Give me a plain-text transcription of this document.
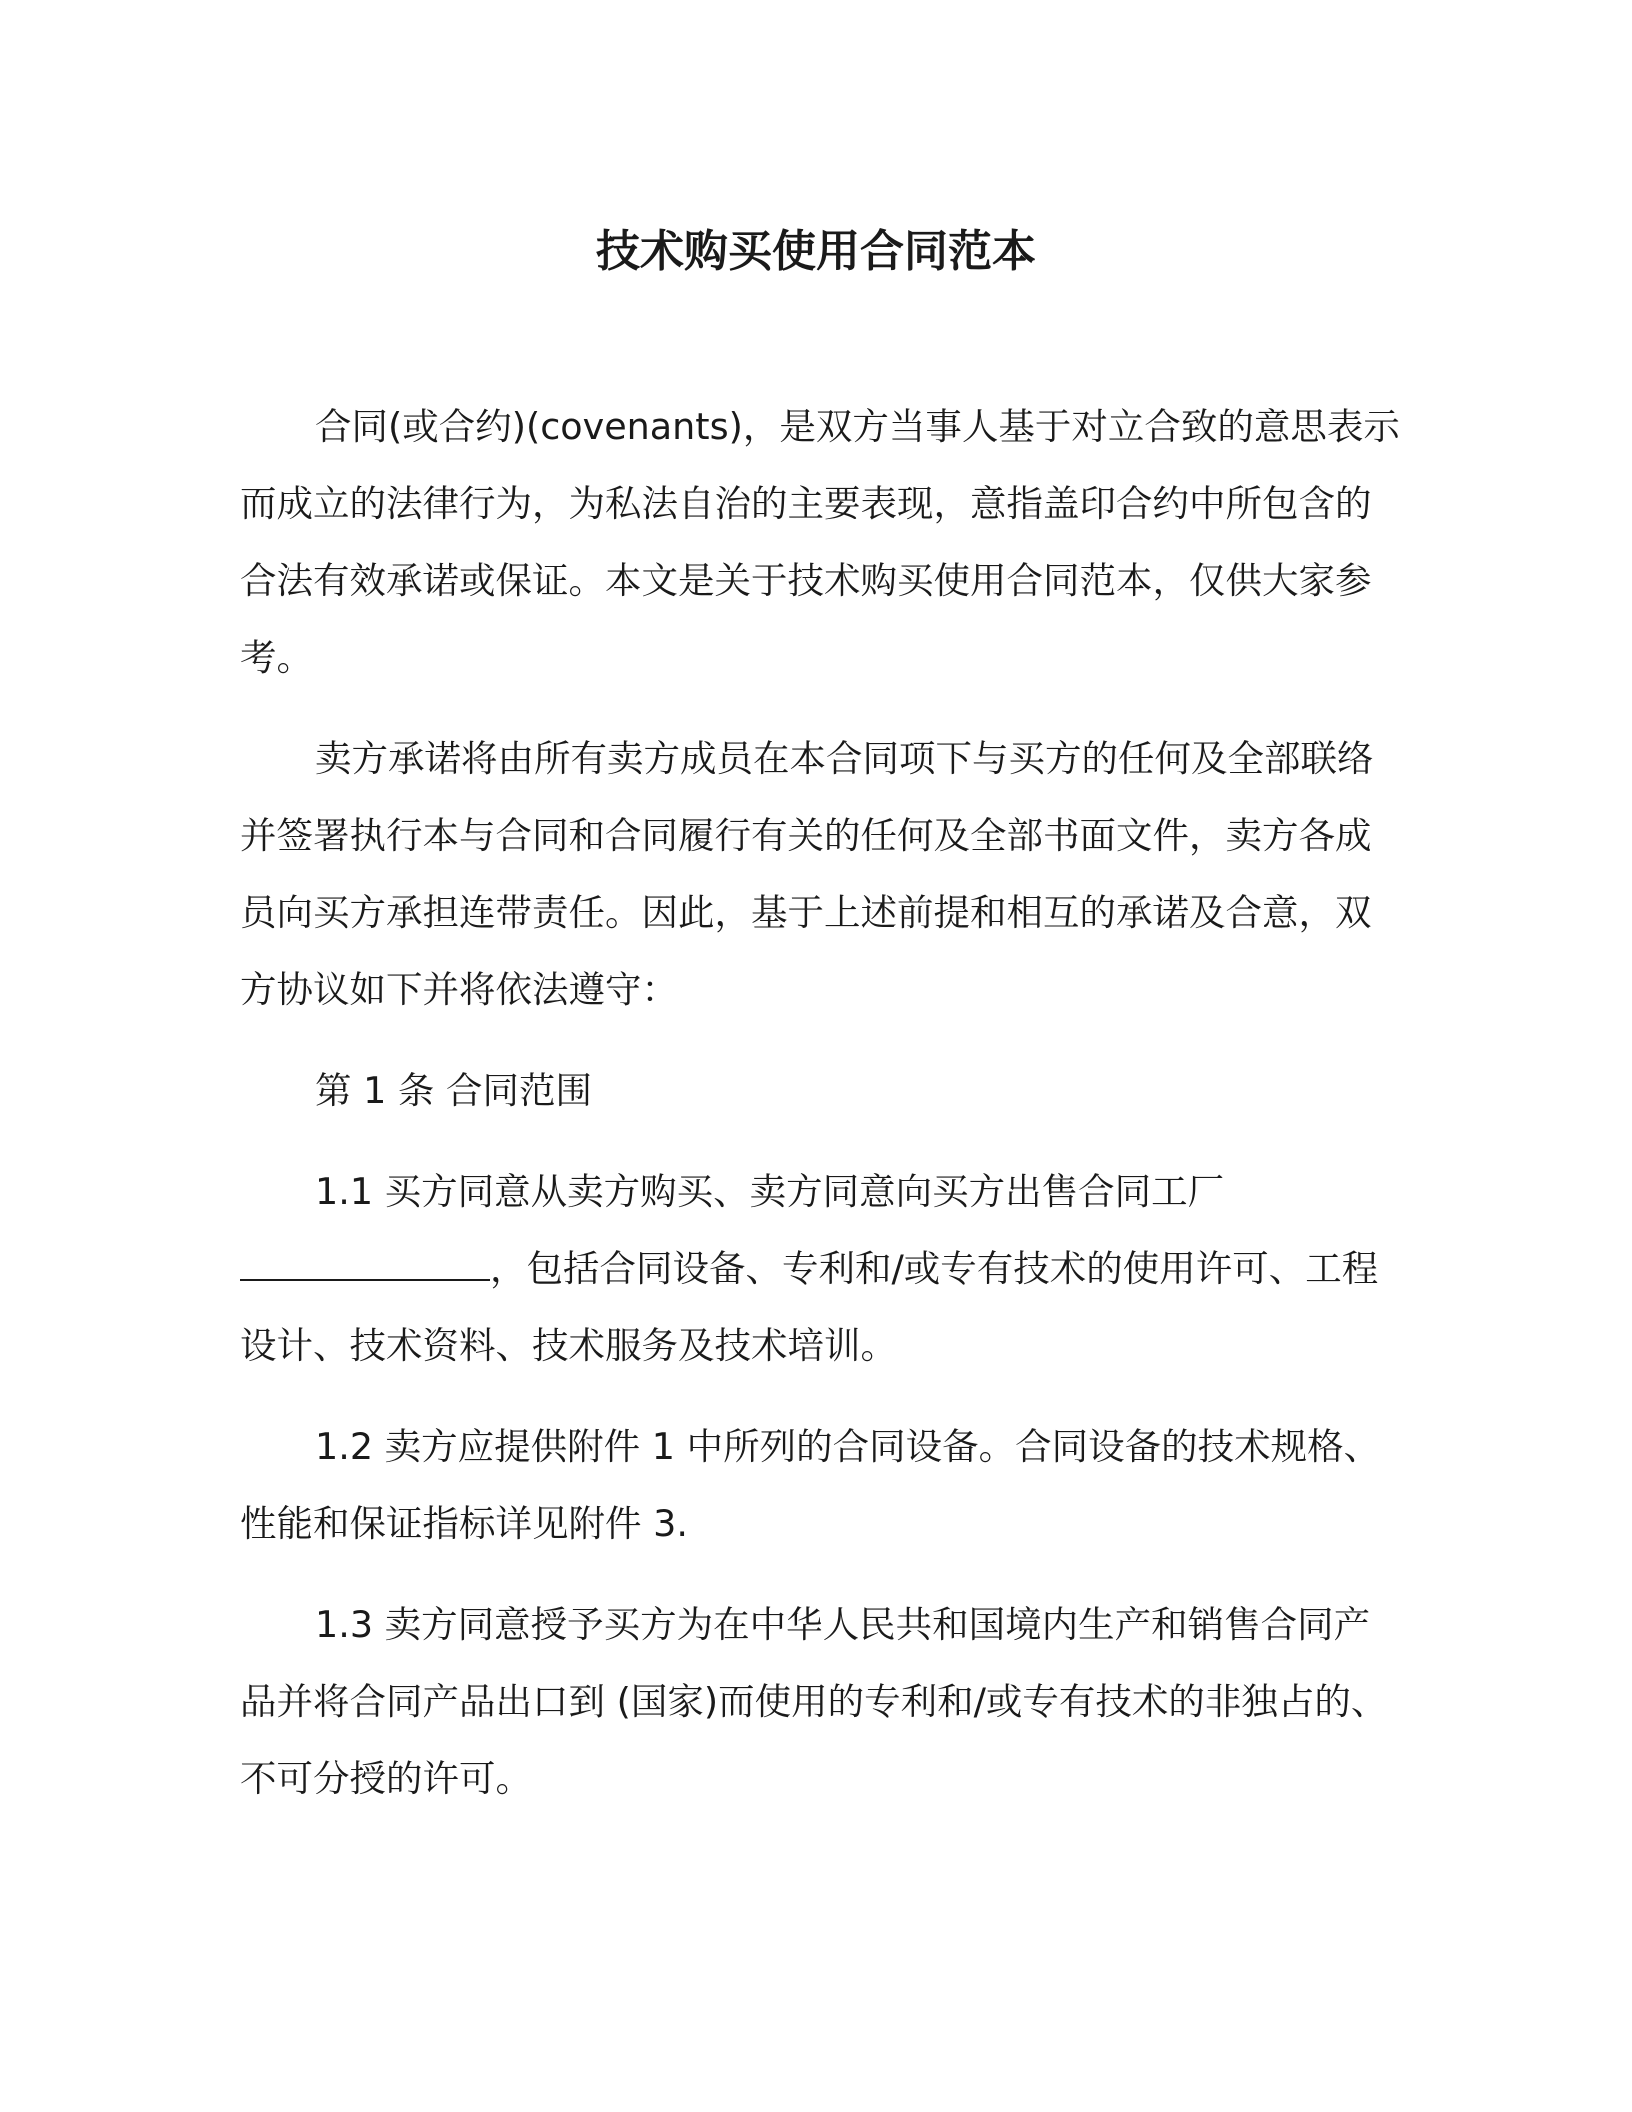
技术购买使用合同范本

合同(或合约)(covenants)，是双方当事人基于对立合致的意思表示而成立的法律行为，为私法自治的主要表现，意指盖印合约中所包含的合法有效承诺或保证。本文是关于技术购买使用合同范本，仅供大家参考。

卖方承诺将由所有卖方成员在本合同项下与买方的任何及全部联络并签署执行本与合同和合同履行有关的任何及全部书面文件，卖方各成员向买方承担连带责任。因此，基于上述前提和相互的承诺及合意，双方协议如下并将依法遵守：

第 1 条 合同范围

1.1 买方同意从卖方购买、卖方同意向买方出售合同工厂，包括合同设备、专利和/或专有技术的使用许可、工程设计、技术资料、技术服务及技术培训。

1.2 卖方应提供附件 1 中所列的合同设备。合同设备的技术规格、性能和保证指标详见附件 3.

1.3 卖方同意授予买方为在中华人民共和国境内生产和销售合同产品并将合同产品出口到 (国家)而使用的专利和/或专有技术的非独占的、不可分授的许可。
